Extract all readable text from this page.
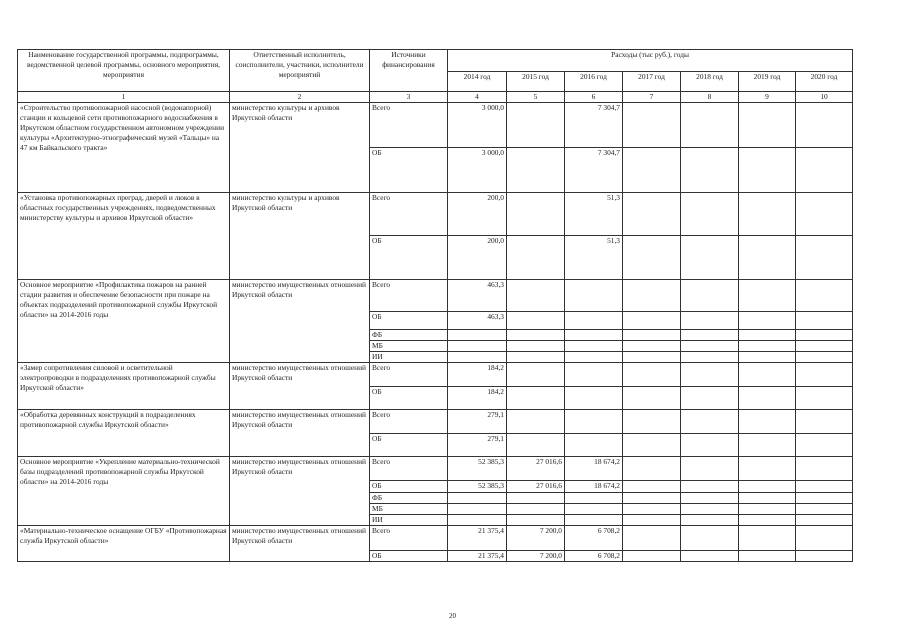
Наименование государственной программы, подпрограммы, ведомственной целевой программы, основного мероприятия, мероприятия	Ответственный исполнитель, соисполнители, участники, исполнители мероприятий	Источники финансирования	Расходы (тыс руб.), годы						
			2014 год	2015 год	2016 год	2017 год	2018 год	2019 год	2020 год
1	2	3	4	5	6	7	8	9	10
«Строительство противопожарной насосной (водонапорной) станции и кольцевой сети противопожарного водоснабжения в Иркутском областном государственном автономном учреждении культуры «Архитектурно-этнографический музей «Тальцы» на 47 км Байкальского тракта»	министерство культуры и архивов Иркутской области	Всего	3 000,0		7 304,7				
		ОБ	3 000,0		7 304,7				
«Установка противопожарных преград, дверей и люков в областных государственных учреждениях, подведомственных министерству культуры и архивов Иркутской области»	министерство культуры и архивов Иркутской области	Всего	200,0		51,3				
		ОБ	200,0		51,3				
Основное мероприятие «Профилактика пожаров на ранней стадии развития и обеспечение безопасности при пожаре на объектах подразделений противопожарной службы Иркутской области» на 2014-2016 годы	министерство имущественных отношений Иркутской области	Всего	463,3						
		ОБ	463,3						
		ФБ							
		МБ							
		ИИ							
«Замер сопротивления силовой и осветительной электропроводки в подразделениях противопожарной службы Иркутской области»	министерство имущественных отношений Иркутской области	Всего	184,2						
		ОБ	184,2						
«Обработка деревянных конструкций в подразделениях противопожарной службы Иркутской области»	министерство имущественных отношений Иркутской области	Всего	279,1						
		ОБ	279,1						
Основное мероприятие «Укрепление материально-технической базы подразделений противопожарной службы Иркутской области» на 2014-2016 годы	министерство имущественных отношений Иркутской области	Всего	52 385,3	27 016,6	18 674,2				
		ОБ	52 385,3	27 016,6	18 674,2				
		ФБ							
		МБ							
		ИИ							
«Материально-техническое оснащение ОГБУ «Противопожарная служба Иркутской области»	министерство имущественных отношений Иркутской области	Всего	21 375,4	7 200,0	6 708,2				
		ОБ	21 375,4	7 200,0	6 708,2				
20
